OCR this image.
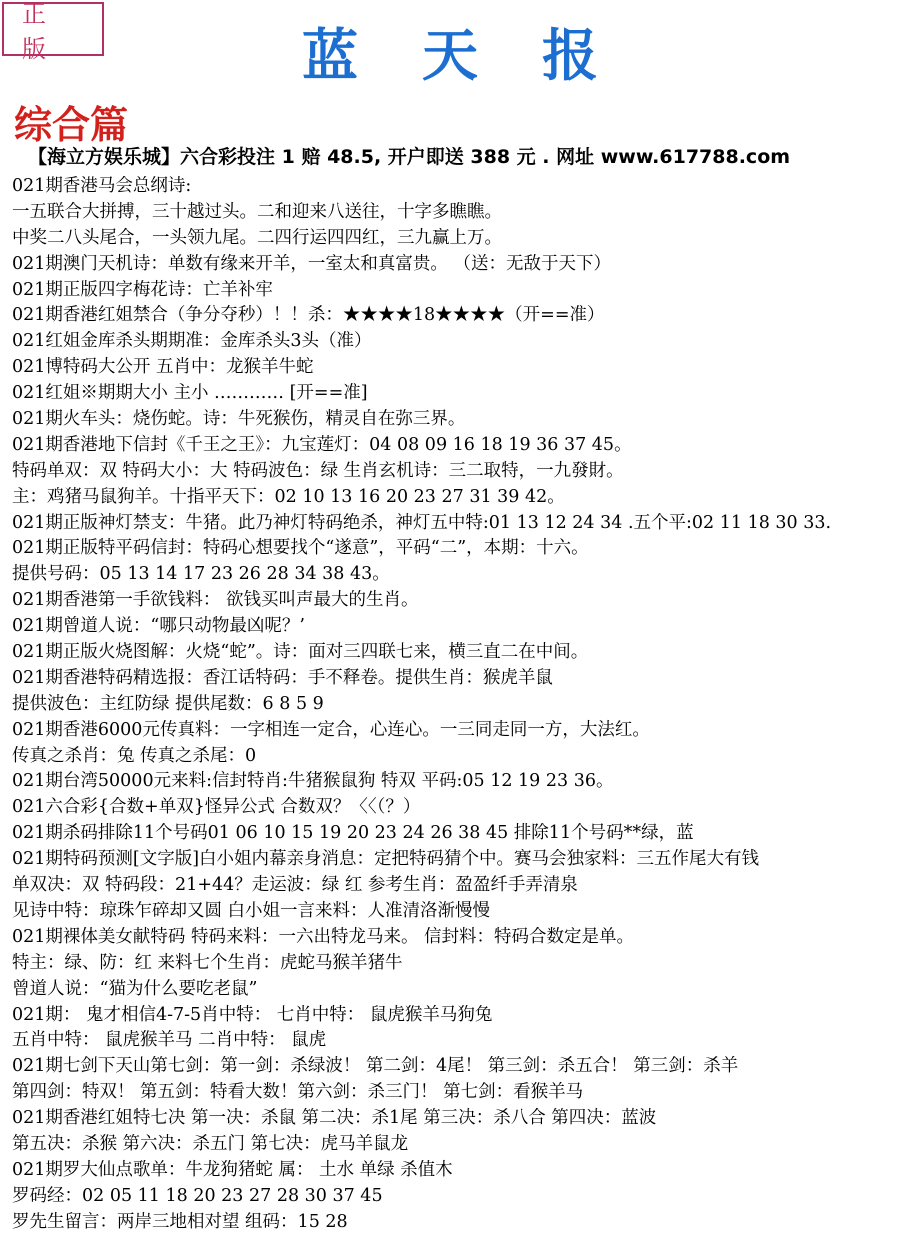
正版	蓝天报
综合篇
【海立方娱乐城】六合彩投注 1 赔 48.5, 开户即送 388 元 . 网址 www.617788.com
021期香港马会总纲诗:
一五联合大拼搏，三十越过头。二和迎来八送往，十字多瞧瞧。
中奖二八头尾合，一头领九尾。二四行运四四红，三九赢上万。
021期澳门天机诗：单数有缘来开羊，一室太和真富贵。 （送：无敌于天下）
021期正版四字梅花诗：亡羊补牢
021期香港红姐禁合（争分夺秒）！！杀：★★★★18★★★★（开==准）
021红姐金库杀头期期准：金库杀头3头（准）
021博特码大公开 五肖中：龙猴羊牛蛇
021红姐※期期大小 主小 ………… [开==准]
021期火车头：烧伤蛇。诗：牛死猴伤，精灵自在弥三界。
021期香港地下信封《千王之王》：九宝莲灯：04 08 09 16 18 19 36 37 45。
特码单双：双 特码大小：大 特码波色：绿 生肖玄机诗：三二取特，一九發財。
主：鸡猪马鼠狗羊。十指平天下：02 10 13 16 20 23 27 31 39 42。
021期正版神灯禁支：牛猪。此乃神灯特码绝杀，神灯五中特:01 13 12 24 34 .五个平:02 11 18 30 33.
021期正版特平码信封：特码心想要找个“遂意”，平码“二”，本期：十六。
提供号码：05 13 14 17 23 26 28 34 38 43。
021期香港第一手欲钱料： 欲钱买叫声最大的生肖。
021期曾道人说：“哪只动物最凶呢？’
021期正版火烧图解：火烧“蛇”。诗：面对三四联七来，横三直二在中间。
021期香港特码精选报：香江话特码：手不释卷。提供生肖：猴虎羊鼠
提供波色：主红防绿 提供尾数：6 8 5 9
021期香港6000元传真料：一字相连一定合，心连心。一三同走同一方，大法红。
传真之杀肖：兔 传真之杀尾：0
021期台湾50000元来料:信封特肖:牛猪猴鼠狗 特双 平码:05 12 19 23 36。
021六合彩{合数+单双}怪异公式 合数双？〈〈（？）
021期杀码排除11个号码01 06 10 15 19 20 23 24 26 38 45 排除11个号码**绿，蓝
021期特码预测[文字版]白小姐内幕亲身消息：定把特码猜个中。赛马会独家料：三五作尾大有钱
单双决：双 特码段：21+44？走运波：绿 红 参考生肖：盈盈纤手弄清泉
见诗中特：琼珠乍碎却又圆 白小姐一言来料：人准清洛渐慢慢
021期裸体美女献特码 特码来料：一六出特龙马来。 信封料：特码合数定是单。
特主：绿、防：红 来料七个生肖：虎蛇马猴羊猪牛
曾道人说：“猫为什么要吃老鼠”
021期： 鬼才相信4-7-5肖中特： 七肖中特： 鼠虎猴羊马狗兔
五肖中特： 鼠虎猴羊马 二肖中特： 鼠虎
021期七剑下天山第七剑：第一剑：杀绿波！ 第二剑：4尾！ 第三剑：杀五合！ 第三剑：杀羊
第四剑：特双！ 第五剑：特看大数！第六剑：杀三门！ 第七剑：看猴羊马
021期香港红姐特七决 第一决：杀鼠 第二决：杀1尾 第三决：杀八合 第四决：蓝波
第五决：杀猴 第六决：杀五门 第七决：虎马羊鼠龙
021期罗大仙点歌单：牛龙狗猪蛇 属： 土水 单绿 杀值木
罗码经：02 05 11 18 20 23 27 28 30 37 45
罗先生留言：两岸三地相对望 组码：15 28
